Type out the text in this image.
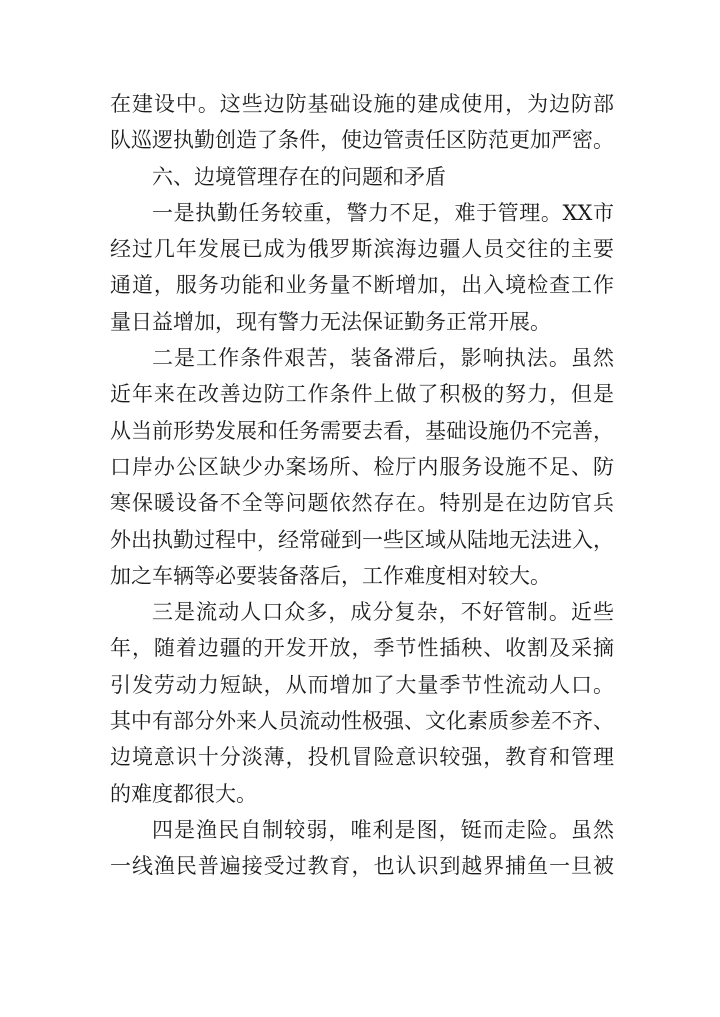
在建设中。这些边防基础设施的建成使用，为边防部
队巡逻执勤创造了条件，使边管责任区防范更加严密。
六、边境管理存在的问题和矛盾
一是执勤任务较重，警力不足，难于管理。XX市
经过几年发展已成为俄罗斯滨海边疆人员交往的主要
通道，服务功能和业务量不断增加，出入境检查工作
量日益增加，现有警力无法保证勤务正常开展。
二是工作条件艰苦，装备滞后，影响执法。虽然
近年来在改善边防工作条件上做了积极的努力，但是
从当前形势发展和任务需要去看，基础设施仍不完善，
口岸办公区缺少办案场所、检厅内服务设施不足、防
寒保暖设备不全等问题依然存在。特别是在边防官兵
外出执勤过程中，经常碰到一些区域从陆地无法进入，
加之车辆等必要装备落后，工作难度相对较大。
三是流动人口众多，成分复杂，不好管制。近些
年，随着边疆的开发开放，季节性插秧、收割及采摘
引发劳动力短缺，从而增加了大量季节性流动人口。
其中有部分外来人员流动性极强、文化素质参差不齐、
边境意识十分淡薄，投机冒险意识较强，教育和管理
的难度都很大。
四是渔民自制较弱，唯利是图，铤而走险。虽然
一线渔民普遍接受过教育，也认识到越界捕鱼一旦被
